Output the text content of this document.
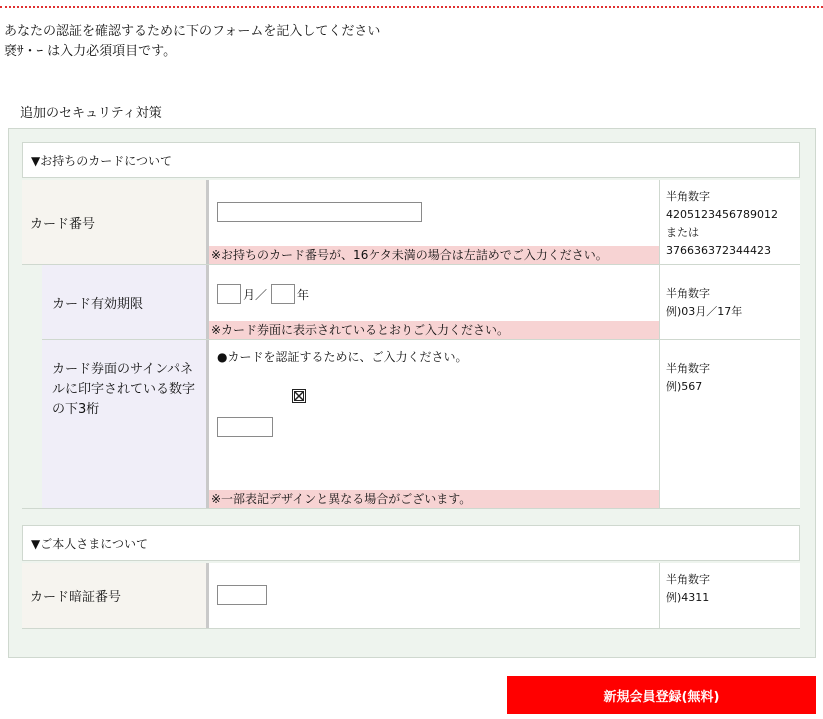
あなたの認証を確認するために下のフォームを記入してください
褎ｻ・ｰ は入力必須項目です。
追加のセキュリティ対策
▼お持ちのカードについて
カード番号
※お持ちのカード番号が、16ケタ未満の場合は左詰めでご入力ください。
半角数字
4205123456789012
または 376636372344423
カード有効期限
月／ 年
※カード券面に表示されているとおりご入力ください。
半角数字
例)03月／17年
カード券面のサインパネルに印字されている数字の下3桁
●カードを認証するために、ご入力ください。
※一部表記デザインと異なる場合がございます。
半角数字
例)567
▼ご本人さまについて
カード暗証番号
半角数字
例)4311
新規会員登録(無料)
